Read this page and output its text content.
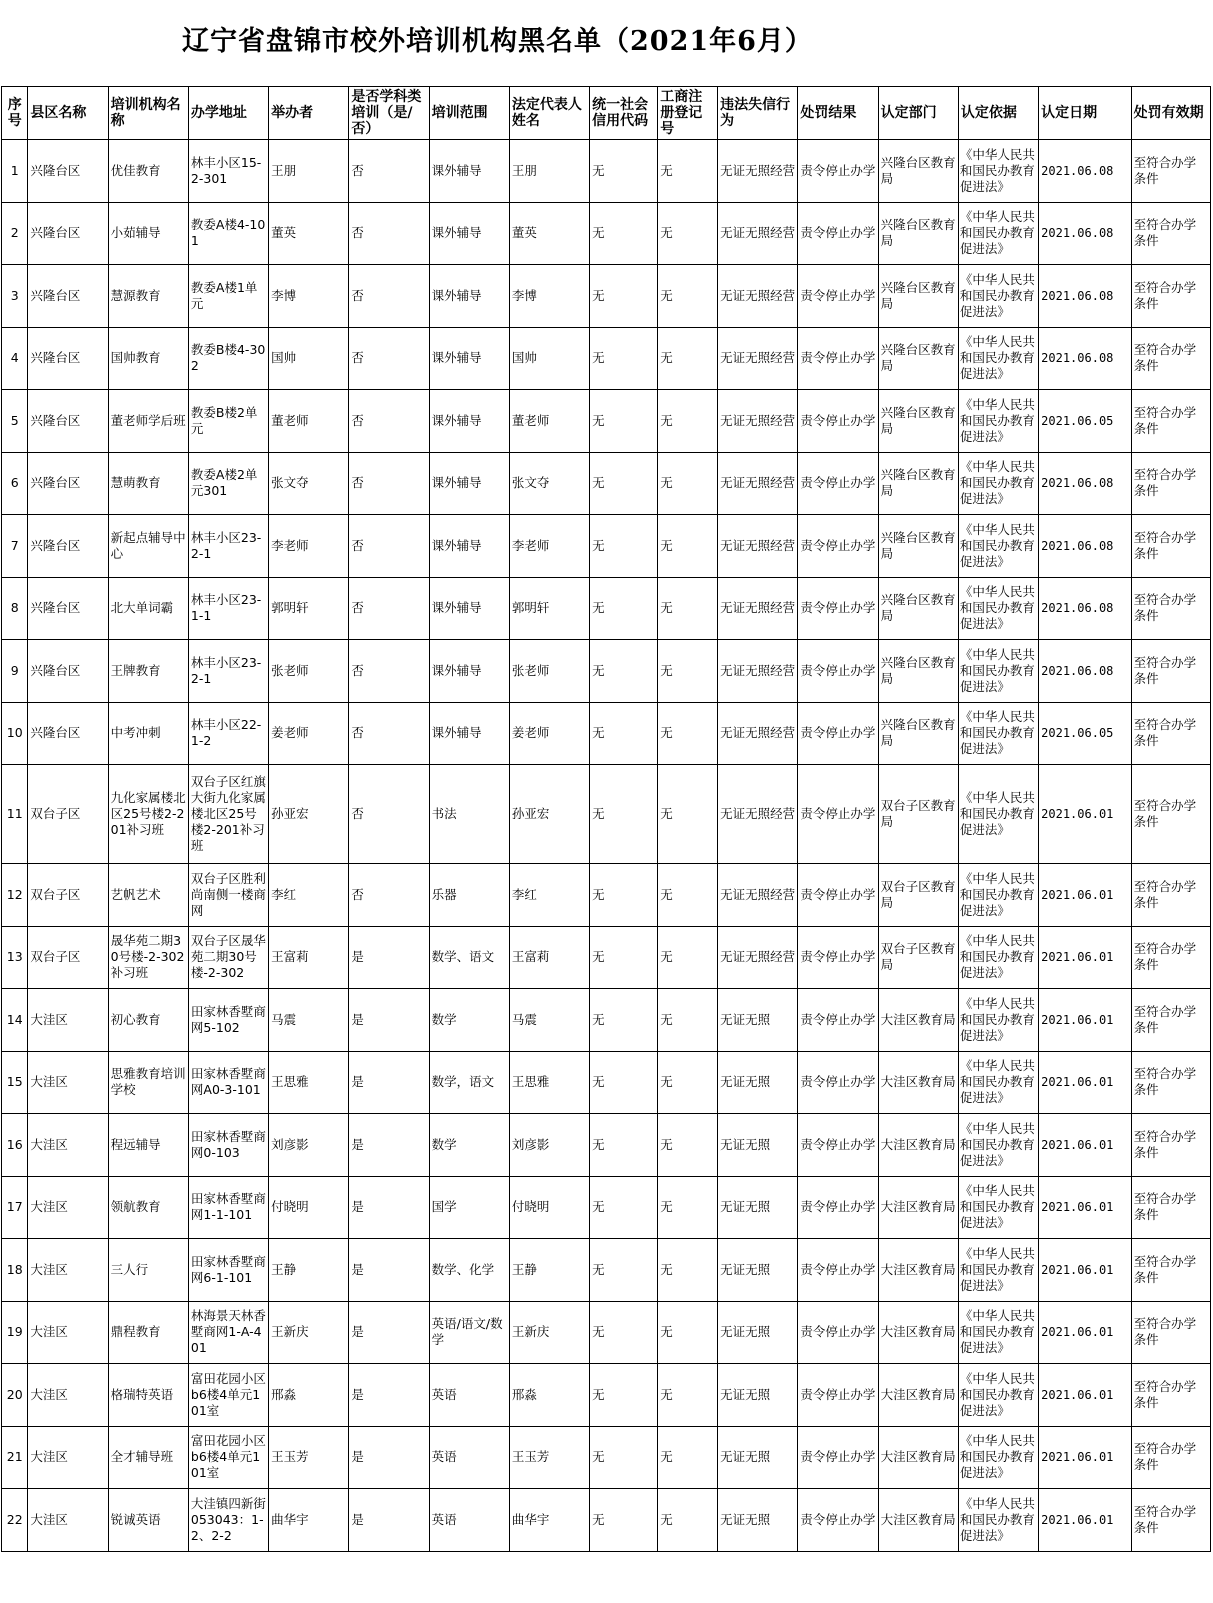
辽宁省盘锦市校外培训机构黑名单（2021年6月）
序号	县区名称	培训机构名称	办学地址	举办者	是否学科类培训（是/否）	培训范围	法定代表人姓名	统一社会信用代码	工商注册登记号	违法失信行为	处罚结果	认定部门	认定依据	认定日期	处罚有效期
1	兴隆台区	优佳教育	林丰小区15-2-301	王朋	否	课外辅导	王朋	无	无	无证无照经营	责令停止办学	兴隆台区教育局	《中华人民共和国民办教育促进法》	2021.06.08	至符合办学条件
2	兴隆台区	小茹辅导	教委A楼4-101	董英	否	课外辅导	董英	无	无	无证无照经营	责令停止办学	兴隆台区教育局	《中华人民共和国民办教育促进法》	2021.06.08	至符合办学条件
3	兴隆台区	慧源教育	教委A楼1单元	李博	否	课外辅导	李博	无	无	无证无照经营	责令停止办学	兴隆台区教育局	《中华人民共和国民办教育促进法》	2021.06.08	至符合办学条件
4	兴隆台区	国帅教育	教委B楼4-302	国帅	否	课外辅导	国帅	无	无	无证无照经营	责令停止办学	兴隆台区教育局	《中华人民共和国民办教育促进法》	2021.06.08	至符合办学条件
5	兴隆台区	董老师学后班	教委B楼2单元	董老师	否	课外辅导	董老师	无	无	无证无照经营	责令停止办学	兴隆台区教育局	《中华人民共和国民办教育促进法》	2021.06.05	至符合办学条件
6	兴隆台区	慧萌教育	教委A楼2单元301	张文夺	否	课外辅导	张文夺	无	无	无证无照经营	责令停止办学	兴隆台区教育局	《中华人民共和国民办教育促进法》	2021.06.08	至符合办学条件
7	兴隆台区	新起点辅导中心	林丰小区23-2-1	李老师	否	课外辅导	李老师	无	无	无证无照经营	责令停止办学	兴隆台区教育局	《中华人民共和国民办教育促进法》	2021.06.08	至符合办学条件
8	兴隆台区	北大单词霸	林丰小区23-1-1	郭明轩	否	课外辅导	郭明轩	无	无	无证无照经营	责令停止办学	兴隆台区教育局	《中华人民共和国民办教育促进法》	2021.06.08	至符合办学条件
9	兴隆台区	王牌教育	林丰小区23-2-1	张老师	否	课外辅导	张老师	无	无	无证无照经营	责令停止办学	兴隆台区教育局	《中华人民共和国民办教育促进法》	2021.06.08	至符合办学条件
10	兴隆台区	中考冲刺	林丰小区22-1-2	姜老师	否	课外辅导	姜老师	无	无	无证无照经营	责令停止办学	兴隆台区教育局	《中华人民共和国民办教育促进法》	2021.06.05	至符合办学条件
11	双台子区	九化家属楼北区25号楼2-201补习班	双台子区红旗大街九化家属楼北区25号楼2-201补习班	孙亚宏	否	书法	孙亚宏	无	无	无证无照经营	责令停止办学	双台子区教育局	《中华人民共和国民办教育促进法》	2021.06.01	至符合办学条件
12	双台子区	艺帆艺术	双台子区胜利尚南侧一楼商网	李红	否	乐器	李红	无	无	无证无照经营	责令停止办学	双台子区教育局	《中华人民共和国民办教育促进法》	2021.06.01	至符合办学条件
13	双台子区	晟华苑二期30号楼-2-302补习班	双台子区晟华苑二期30号楼-2-302	王富莉	是	数学、语文	王富莉	无	无	无证无照经营	责令停止办学	双台子区教育局	《中华人民共和国民办教育促进法》	2021.06.01	至符合办学条件
14	大洼区	初心教育	田家林香墅商网5-102	马震	是	数学	马震	无	无	无证无照	责令停止办学	大洼区教育局	《中华人民共和国民办教育促进法》	2021.06.01	至符合办学条件
15	大洼区	思雅教育培训学校	田家林香墅商网A0-3-101	王思雅	是	数学，语文	王思雅	无	无	无证无照	责令停止办学	大洼区教育局	《中华人民共和国民办教育促进法》	2021.06.01	至符合办学条件
16	大洼区	程远辅导	田家林香墅商网0-103	刘彦影	是	数学	刘彦影	无	无	无证无照	责令停止办学	大洼区教育局	《中华人民共和国民办教育促进法》	2021.06.01	至符合办学条件
17	大洼区	领航教育	田家林香墅商网1-1-101	付晓明	是	国学	付晓明	无	无	无证无照	责令停止办学	大洼区教育局	《中华人民共和国民办教育促进法》	2021.06.01	至符合办学条件
18	大洼区	三人行	田家林香墅商网6-1-101	王静	是	数学、化学	王静	无	无	无证无照	责令停止办学	大洼区教育局	《中华人民共和国民办教育促进法》	2021.06.01	至符合办学条件
19	大洼区	鼎程教育	林海景天林香墅商网1-A-401	王新庆	是	英语/语文/数学	王新庆	无	无	无证无照	责令停止办学	大洼区教育局	《中华人民共和国民办教育促进法》	2021.06.01	至符合办学条件
20	大洼区	格瑞特英语	富田花园小区b6楼4单元101室	邢淼	是	英语	邢淼	无	无	无证无照	责令停止办学	大洼区教育局	《中华人民共和国民办教育促进法》	2021.06.01	至符合办学条件
21	大洼区	全才辅导班	富田花园小区b6楼4单元101室	王玉芳	是	英语	王玉芳	无	无	无证无照	责令停止办学	大洼区教育局	《中华人民共和国民办教育促进法》	2021.06.01	至符合办学条件
22	大洼区	锐诚英语	大洼镇四新街053043：1-2、2-2	曲华宇	是	英语	曲华宇	无	无	无证无照	责令停止办学	大洼区教育局	《中华人民共和国民办教育促进法》	2021.06.01	至符合办学条件
